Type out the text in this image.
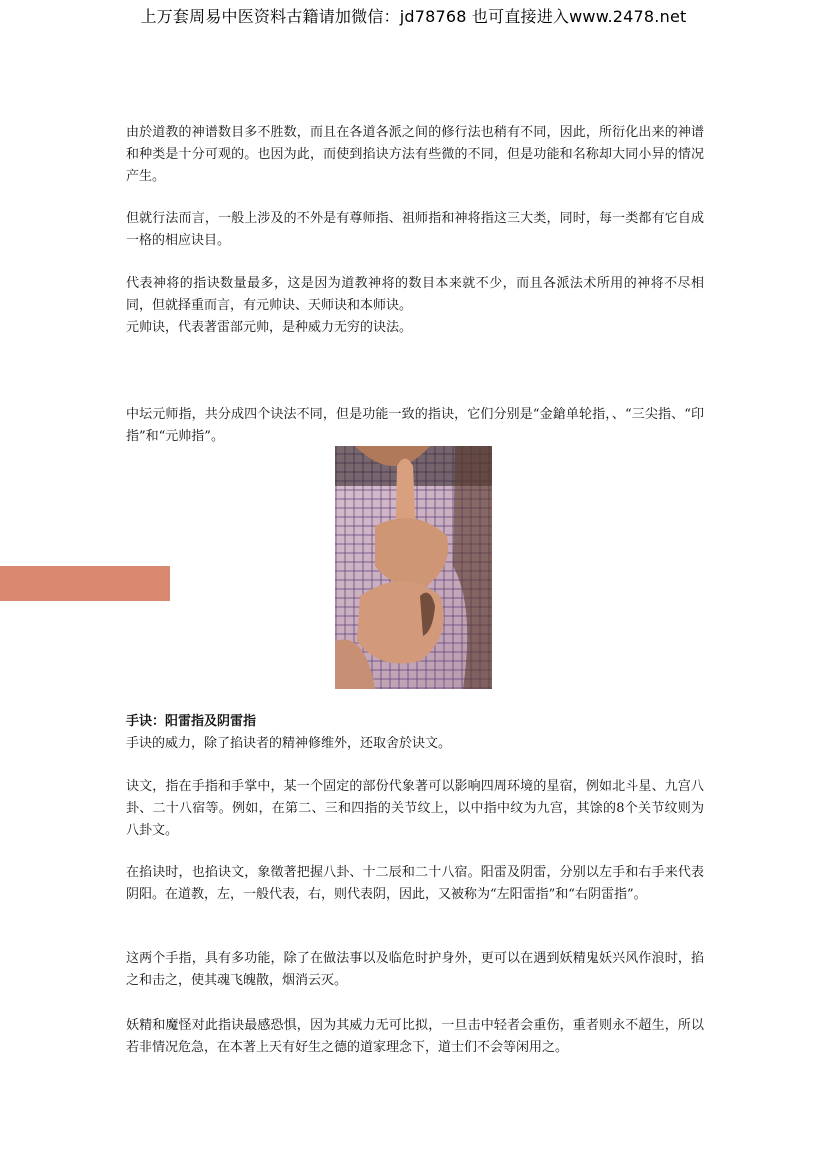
上万套周易中医资料古籍请加微信：jd78768 也可直接进入www.2478.net

由於道教的神谱数目多不胜数，而且在各道各派之间的修行法也稍有不同，因此，所衍化出来的神谱和种类是十分可观的。也因为此，而使到掐诀方法有些微的不同，但是功能和名称却大同小异的情况产生。

但就行法而言，一般上涉及的不外是有尊师指、祖师指和神将指这三大类，同时，每一类都有它自成一格的相应诀目。

代表神将的指诀数量最多，这是因为道教神将的数目本来就不少，而且各派法术所用的神将不尽相同，但就择重而言，有元帅诀、天师诀和本师诀。

元帅诀，代表著雷部元帅，是种威力无穷的诀法。

中坛元师指，共分成四个诀法不同，但是功能一致的指诀，它们分别是“金鎗单轮指，、“三尖指、“印指”和“元帅指”。

手诀：阳雷指及阴雷指

手诀的威力，除了掐诀者的精神修维外，还取舍於诀文。

诀文，指在手指和手掌中，某一个固定的部份代象著可以影响四周环境的星宿，例如北斗星、九宫八卦、二十八宿等。例如，在第二、三和四指的关节纹上，以中指中纹为九宫，其馀的8个关节纹则为八卦文。

在掐诀时，也掐诀文，象徵著把握八卦、十二辰和二十八宿。阳雷及阴雷，分别以左手和右手来代表阴阳。在道教，左，一般代表，右，则代表阴，因此，又被称为“左阳雷指”和“右阴雷指”。

这两个手指，具有多功能，除了在做法事以及临危时护身外，更可以在遇到妖精鬼妖兴风作浪时，掐之和击之，使其魂飞魄散，烟消云灭。

妖精和魔怪对此指诀最感恐惧，因为其威力无可比拟，一旦击中轻者会重伤，重者则永不超生，所以若非情况危急，在本著上天有好生之德的道家理念下，道士们不会等闲用之。
